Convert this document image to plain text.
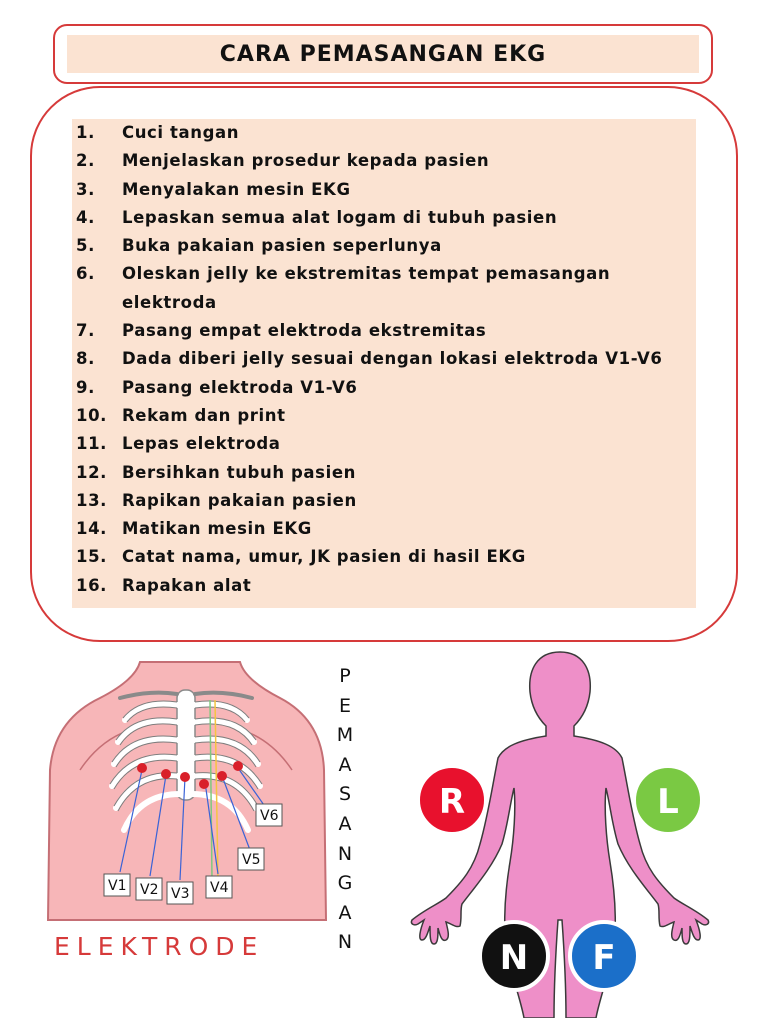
CARA PEMASANGAN EKG
1.	Cuci tangan
2.	Menjelaskan prosedur kepada pasien
3.	Menyalakan mesin EKG
4.	Lepaskan semua alat logam di tubuh pasien
5.	Buka pakaian pasien seperlunya
6.	Oleskan jelly ke ekstremitas tempat pemasangan elektroda
7.	Pasang empat elektroda ekstremitas
8.	Dada diberi jelly sesuai dengan lokasi elektroda V1-V6
9.	Pasang elektroda V1-V6
10. Rekam dan print
11. Lepas elektroda
12. Bersihkan tubuh pasien
13. Rapikan pakaian pasien
14. Matikan mesin EKG
15. Catat nama, umur, JK pasien di hasil EKG
16. Rapakan alat
V1 V2 V3 V4
V5
V6
P
E
M
A
S
A
N
G
A
N
ELEKTRODE
R	L
N F
